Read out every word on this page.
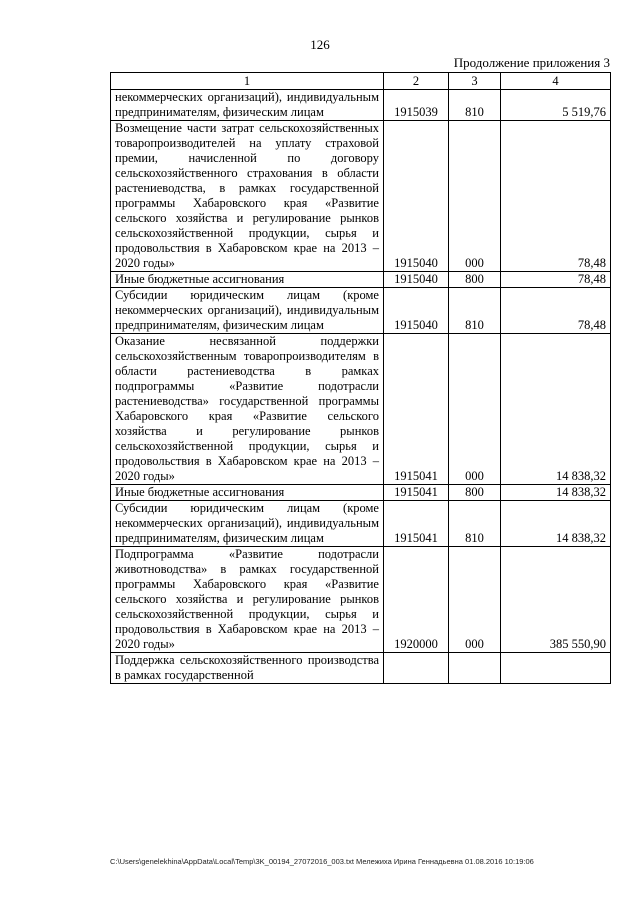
126
Продолжение приложения 3
1	2	3	4
некоммерческих организаций), индивидуальным предпринимателям, физическим лицам	1915039	810	5 519,76
Возмещение части затрат сельскохозяйственных товаропроизводителей на уплату страховой премии, начисленной по договору сельскохозяйственного страхования в области растениеводства, в рамках государственной программы Хабаровского края «Развитие сельского хозяйства и регулирование рынков сельскохозяйственной продукции, сырья и продовольствия в Хабаровском крае на 2013 – 2020 годы»	1915040	000	78,48
Иные бюджетные ассигнования	1915040	800	78,48
Субсидии юридическим лицам (кроме некоммерческих организаций), индивидуальным предпринимателям, физическим лицам	1915040	810	78,48
Оказание несвязанной поддержки сельскохозяйственным товаропроизводителям в области растениеводства в рамках подпрограммы «Развитие подотрасли растениеводства» государственной программы Хабаровского края «Развитие сельского хозяйства и регулирование рынков сельскохозяйственной продукции, сырья и продовольствия в Хабаровском крае на 2013 – 2020 годы»	1915041	000	14 838,32
Иные бюджетные ассигнования	1915041	800	14 838,32
Субсидии юридическим лицам (кроме некоммерческих организаций), индивидуальным предпринимателям, физическим лицам	1915041	810	14 838,32
Подпрограмма «Развитие подотрасли животноводства» в рамках государственной программы Хабаровского края «Развитие сельского хозяйства и регулирование рынков сельскохозяйственной продукции, сырья и продовольствия в Хабаровском крае на 2013 – 2020 годы»	1920000	000	385 550,90
Поддержка сельскохозяйственного производства в рамках государственной			
C:\Users\genelekhina\AppData\Local\Temp\3K_00194_27072016_003.txt Мележиха Ирина Геннадьевна 01.08.2016 10:19:06
